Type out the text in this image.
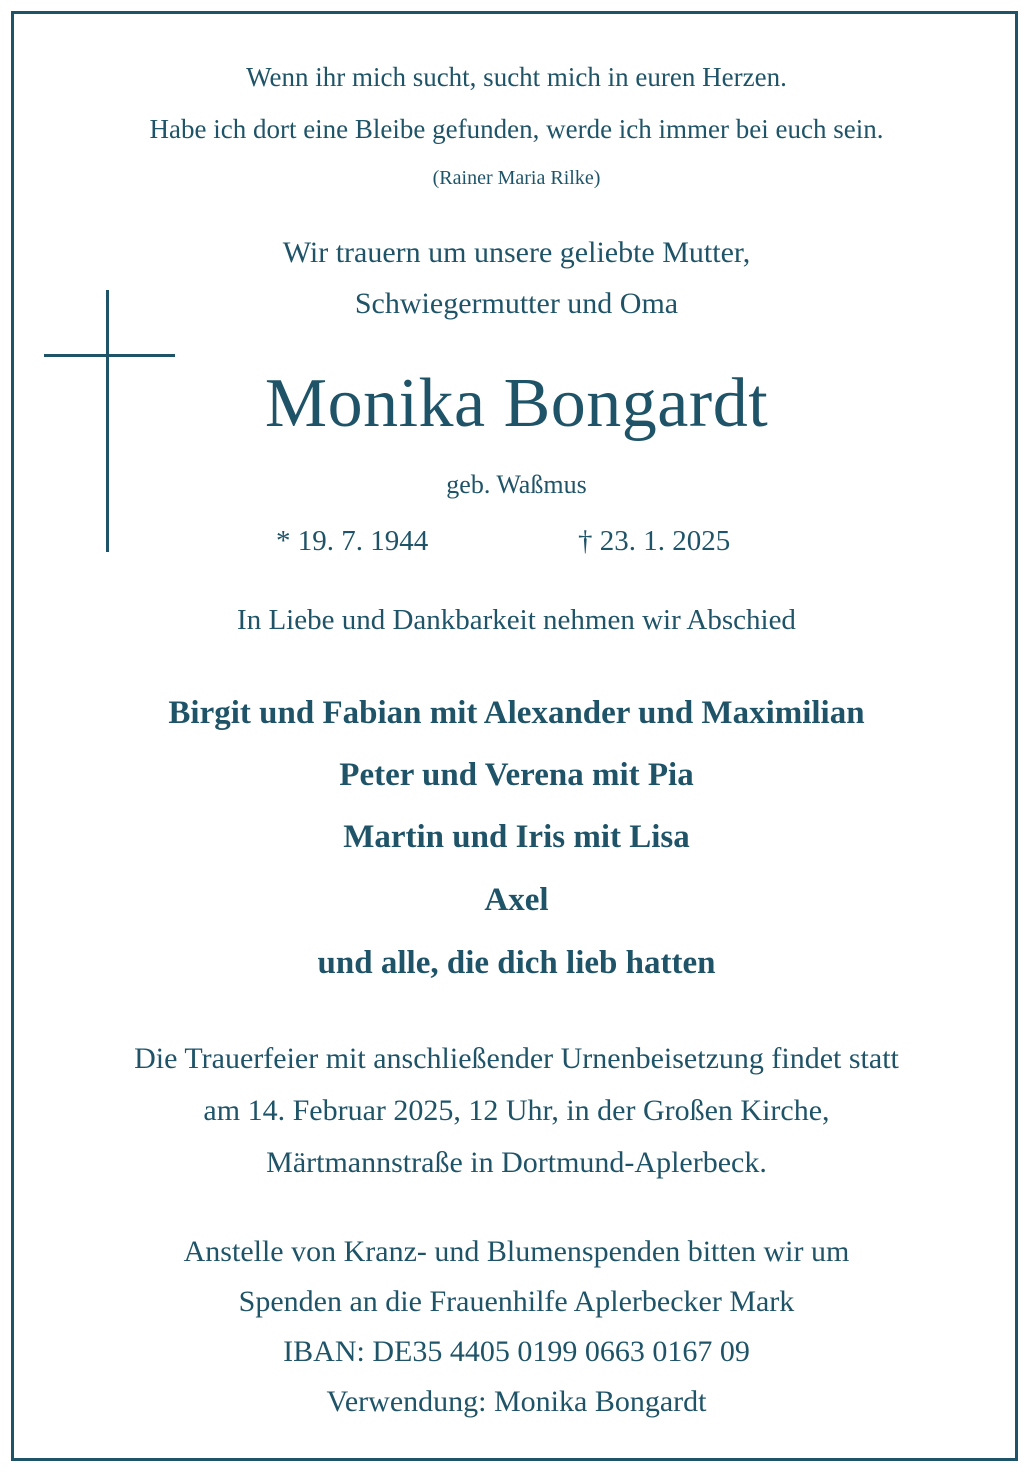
Wenn ihr mich sucht, sucht mich in euren Herzen.
Habe ich dort eine Bleibe gefunden, werde ich immer bei euch sein.
(Rainer Maria Rilke)
Wir trauern um unsere geliebte Mutter,
Schwiegermutter und Oma
Monika Bongardt
geb. Waßmus
* 19. 7. 1944	† 23. 1. 2025
In Liebe und Dankbarkeit nehmen wir Abschied
Birgit und Fabian mit Alexander und Maximilian
Peter und Verena mit Pia
Martin und Iris mit Lisa
Axel
und alle, die dich lieb hatten
Die Trauerfeier mit anschließender Urnenbeisetzung findet statt
am 14. Februar 2025, 12 Uhr, in der Großen Kirche,
Märtmannstraße in Dortmund-Aplerbeck.
Anstelle von Kranz- und Blumenspenden bitten wir um
Spenden an die Frauenhilfe Aplerbecker Mark
IBAN: DE35 4405 0199 0663 0167 09
Verwendung: Monika Bongardt
